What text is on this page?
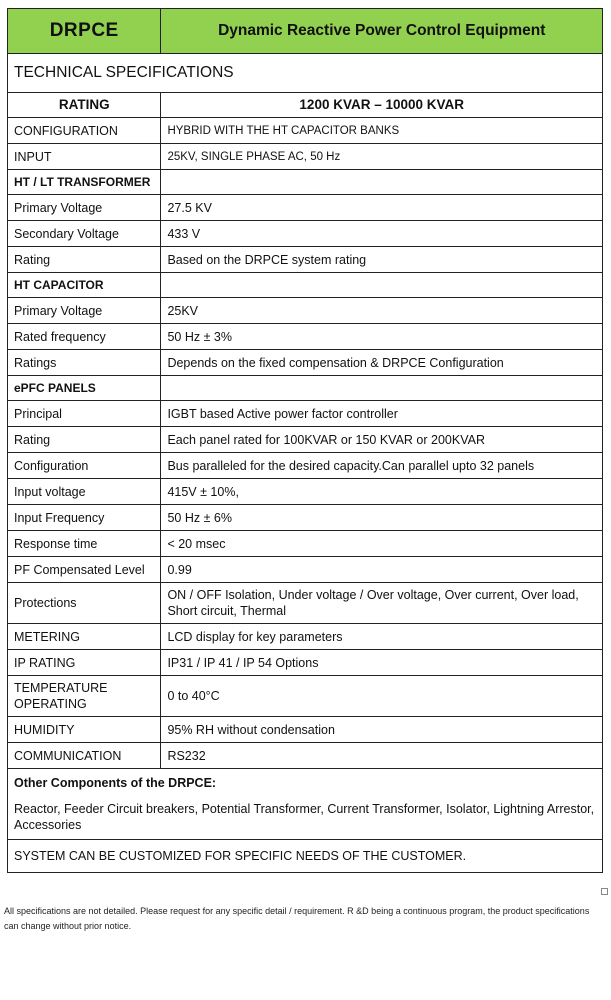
DRPCE	Dynamic Reactive Power Control Equipment
TECHNICAL SPECIFICATIONS	
RATING	1200 KVAR – 10000 KVAR
CONFIGURATION	HYBRID WITH THE HT CAPACITOR BANKS
INPUT	25KV, SINGLE PHASE AC, 50 Hz
HT / LT TRANSFORMER	
Primary Voltage	27.5 KV
Secondary Voltage	433 V
Rating	Based on the DRPCE system rating
HT CAPACITOR	
Primary Voltage	25KV
Rated frequency	50 Hz ± 3%
Ratings	Depends on the fixed compensation & DRPCE Configuration
ePFC PANELS	
Principal	IGBT based Active power factor controller
Rating	Each panel rated for 100KVAR or 150 KVAR or 200KVAR
Configuration	Bus paralleled for the desired capacity.Can parallel upto 32 panels
Input voltage	415V ± 10%,
Input Frequency	50 Hz ± 6%
Response time	< 20 msec
PF Compensated Level	0.99
Protections	ON / OFF Isolation, Under voltage / Over voltage, Over current, Over load, Short circuit, Thermal
METERING	LCD display for key parameters
IP RATING	IP31 / IP 41 / IP 54 Options
TEMPERATURE OPERATING	0 to 40°C
HUMIDITY	95% RH without condensation
COMMUNICATION	RS232

Other Components of the DRPCE:
Reactor, Feeder Circuit breakers, Potential Transformer, Current Transformer, Isolator, Lightning Arrestor, Accessories	

SYSTEM CAN BE CUSTOMIZED FOR SPECIFIC NEEDS OF THE CUSTOMER.	
All specifications are not detailed. Please request for any specific detail / requirement. R &D being a continuous program, the product specifications can change without prior notice.
